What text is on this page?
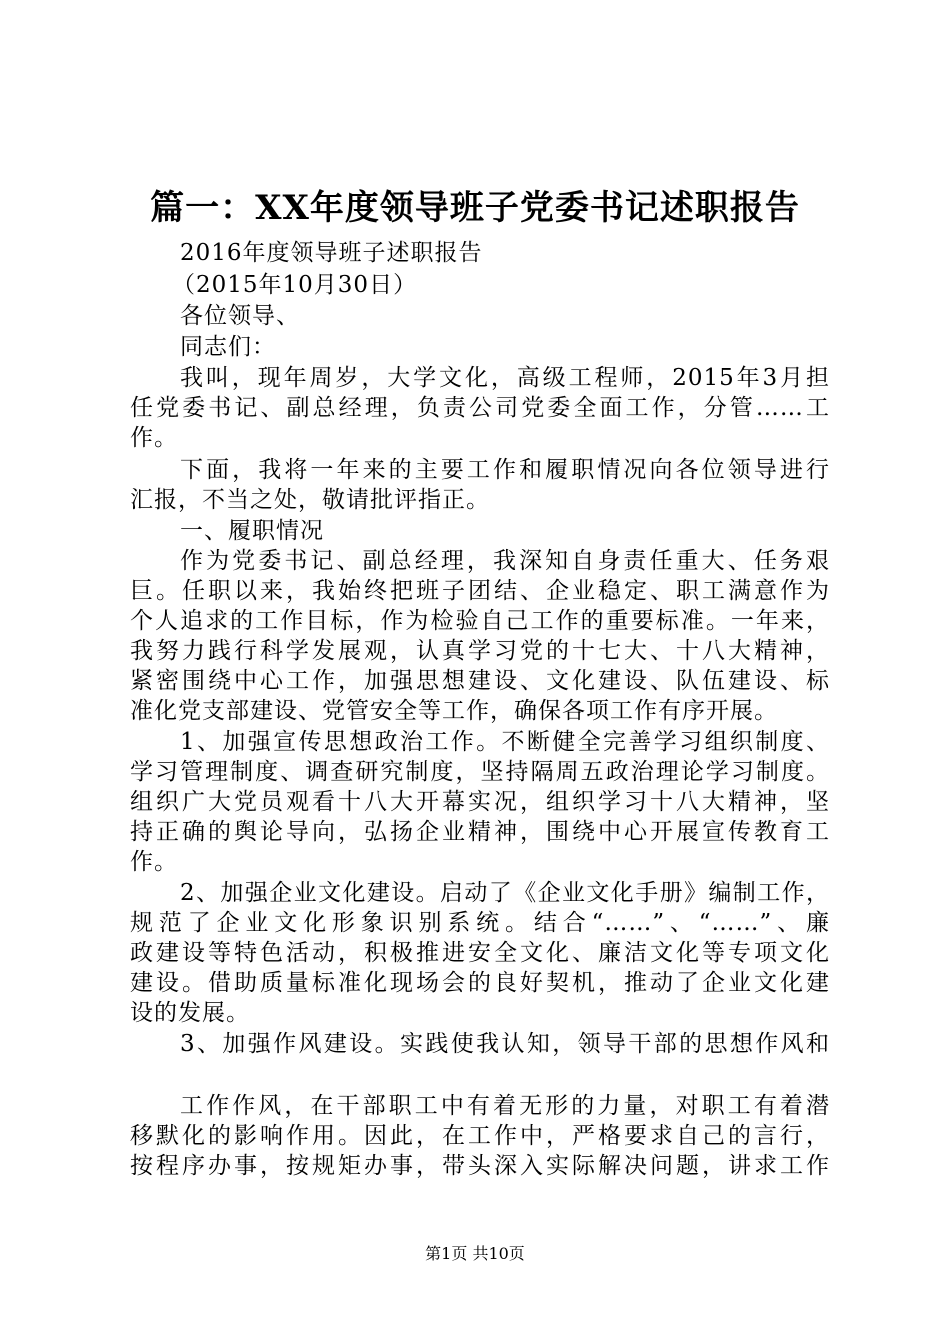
篇一：XX年度领导班子党委书记述职报告
2016年度领导班子述职报告
（2015年10月30日）
各位领导、
同志们：
我叫，现年周岁，大学文化，高级工程师，2015年3月担
任党委书记、副总经理，负责公司党委全面工作，分管……工
作。
下面，我将一年来的主要工作和履职情况向各位领导进行
汇报，不当之处，敬请批评指正。
一、履职情况
作为党委书记、副总经理，我深知自身责任重大、任务艰
巨。任职以来，我始终把班子团结、企业稳定、职工满意作为
个人追求的工作目标，作为检验自己工作的重要标准。一年来，
我努力践行科学发展观，认真学习党的十七大、十八大精神，
紧密围绕中心工作，加强思想建设、文化建设、队伍建设、标
准化党支部建设、党管安全等工作，确保各项工作有序开展。
1、加强宣传思想政治工作。不断健全完善学习组织制度、
学习管理制度、调查研究制度，坚持隔周五政治理论学习制度。
组织广大党员观看十八大开幕实况，组织学习十八大精神，坚
持正确的舆论导向，弘扬企业精神，围绕中心开展宣传教育工
作。
2、加强企业文化建设。启动了《企业文化手册》编制工作，
规范了企业文化形象识别系统。结合“……”、“……”、廉
政建设等特色活动，积极推进安全文化、廉洁文化等专项文化
建设。借助质量标准化现场会的良好契机，推动了企业文化建
设的发展。
3、加强作风建设。实践使我认知，领导干部的思想作风和
工作作风，在干部职工中有着无形的力量，对职工有着潜
移默化的影响作用。因此，在工作中，严格要求自己的言行，
按程序办事，按规矩办事，带头深入实际解决问题，讲求工作
第1页 共10页
